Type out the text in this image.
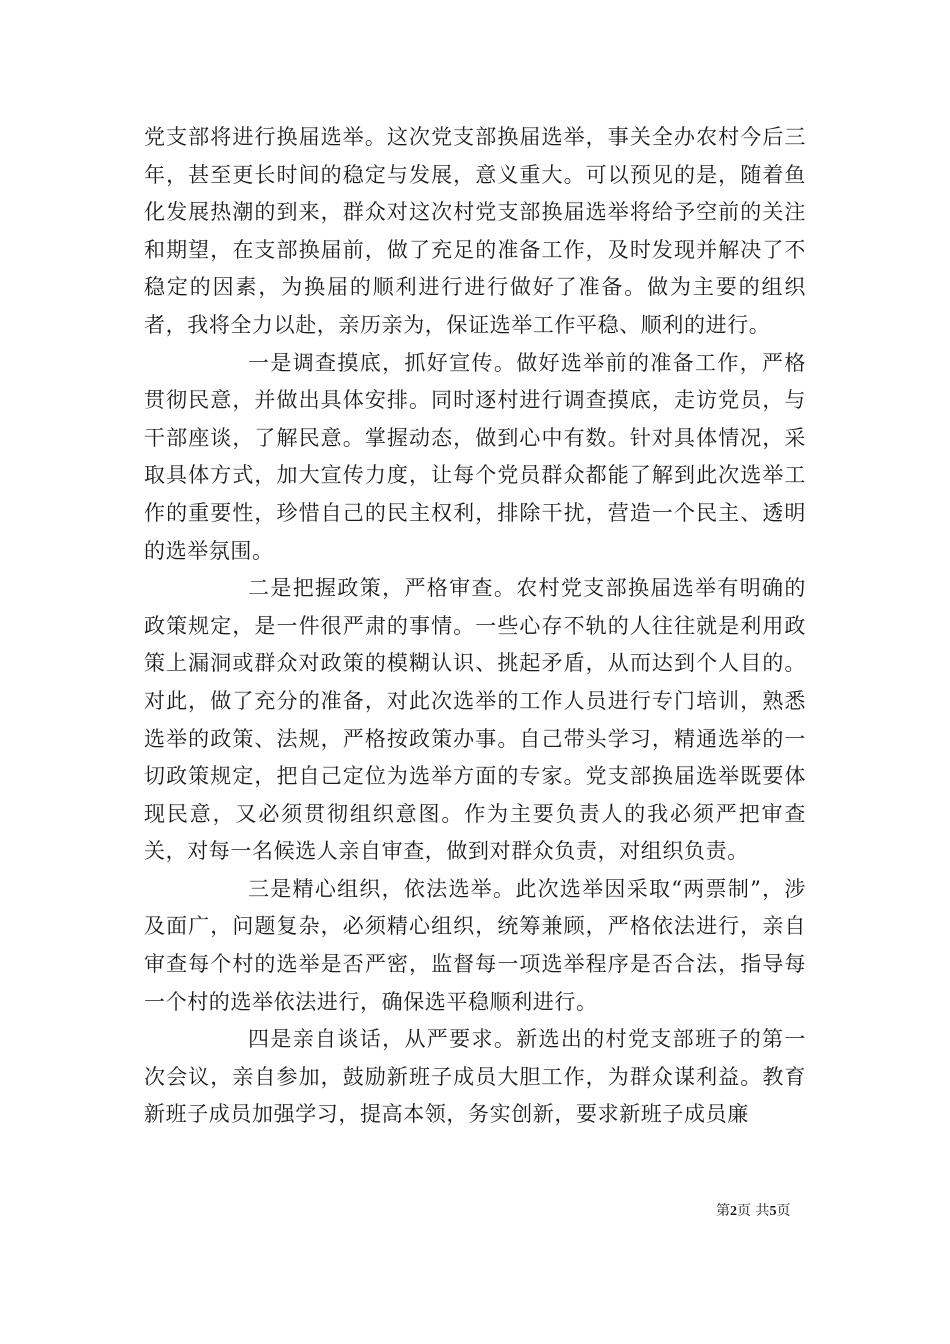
党支部将进行换届选举。这次党支部换届选举，事关全办农村今后三年，甚至更长时间的稳定与发展，意义重大。可以预见的是，随着鱼化发展热潮的到来，群众对这次村党支部换届选举将给予空前的关注和期望，在支部换届前，做了充足的准备工作，及时发现并解决了不稳定的因素，为换届的顺利进行进行做好了准备。做为主要的组织者，我将全力以赴，亲历亲为，保证选举工作平稳、顺利的进行。

一是调查摸底，抓好宣传。做好选举前的准备工作，严格贯彻民意，并做出具体安排。同时逐村进行调查摸底，走访党员，与干部座谈，了解民意。掌握动态，做到心中有数。针对具体情况，采取具体方式，加大宣传力度，让每个党员群众都能了解到此次选举工作的重要性，珍惜自己的民主权利，排除干扰，营造一个民主、透明的选举氛围。

二是把握政策，严格审查。农村党支部换届选举有明确的政策规定，是一件很严肃的事情。一些心存不轨的人往往就是利用政策上漏洞或群众对政策的模糊认识、挑起矛盾，从而达到个人目的。对此，做了充分的准备，对此次选举的工作人员进行专门培训，熟悉选举的政策、法规，严格按政策办事。自己带头学习，精通选举的一切政策规定，把自己定位为选举方面的专家。党支部换届选举既要体现民意，又必须贯彻组织意图。作为主要负责人的我必须严把审查关，对每一名候选人亲自审查，做到对群众负责，对组织负责。

三是精心组织，依法选举。此次选举因采取“两票制”，涉及面广，问题复杂，必须精心组织，统筹兼顾，严格依法进行，亲自审查每个村的选举是否严密，监督每一项选举程序是否合法，指导每一个村的选举依法进行，确保选平稳顺利进行。

四是亲自谈话，从严要求。新选出的村党支部班子的第一次会议，亲自参加，鼓励新班子成员大胆工作，为群众谋利益。教育新班子成员加强学习，提高本领，务实创新，要求新班子成员廉

第2页 共5页
